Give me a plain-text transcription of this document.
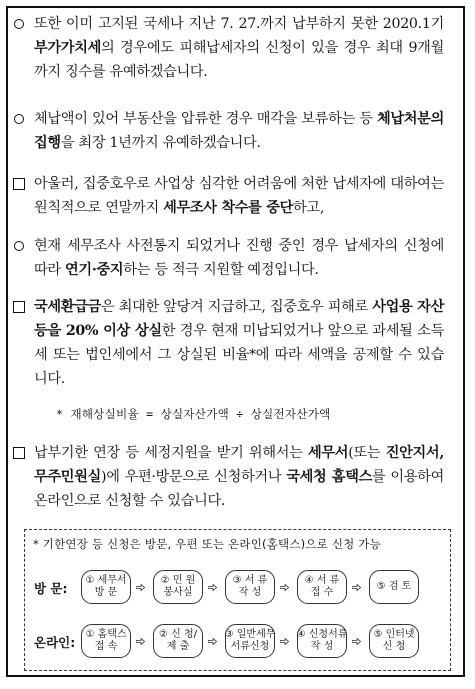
또한 이미 고지된 국세나 지난 7. 27.까지 납부하지 못한 2020.1기 부가가치세의 경우에도 피해납세자의 신청이 있을 경우 최대 9개월까지 징수를 유예하겠습니다.
체납액이 있어 부동산을 압류한 경우 매각을 보류하는 등 체납처분의 집행을 최장 1년까지 유예하겠습니다.
아울러, 집중호우로 사업상 심각한 어려움에 처한 납세자에 대하여는 원칙적으로 연말까지 세무조사 착수를 중단하고,
현재 세무조사 사전통지 되었거나 진행 중인 경우 납세자의 신청에 따라 연기·중지하는 등 적극 지원할 예정입니다.
국세환급금은 최대한 앞당겨 지급하고, 집중호우 피해로 사업용 자산 등을 20% 이상 상실한 경우 현재 미납되었거나 앞으로 과세될 소득세 또는 법인세에서 그 상실된 비율*에 따라 세액을 공제할 수 있습니다.
* 재해상실비율 = 상실자산가액 ÷ 상실전자산가액
납부기한 연장 등 세정지원을 받기 위해서는 세무서(또는 진안지서, 무주민원실)에 우편·방문으로 신청하거나 국세청 홈택스를 이용하여 온라인으로 신청할 수 있습니다.
* 기한연장 등 신청은 방문, 우편 또는 온라인(홈택스)으로 신청 가능
방 문:
① 세무서
방 문
② 민 원
봉사실
③ 서 류
작 성
④ 서 류
접 수
⑤ 검 토
온라인:
① 홈택스
접 속
② 신 청/
제 출
③ 일반세무
서류신청
④ 신청서류
작 성
⑤ 인터넷
신 청
